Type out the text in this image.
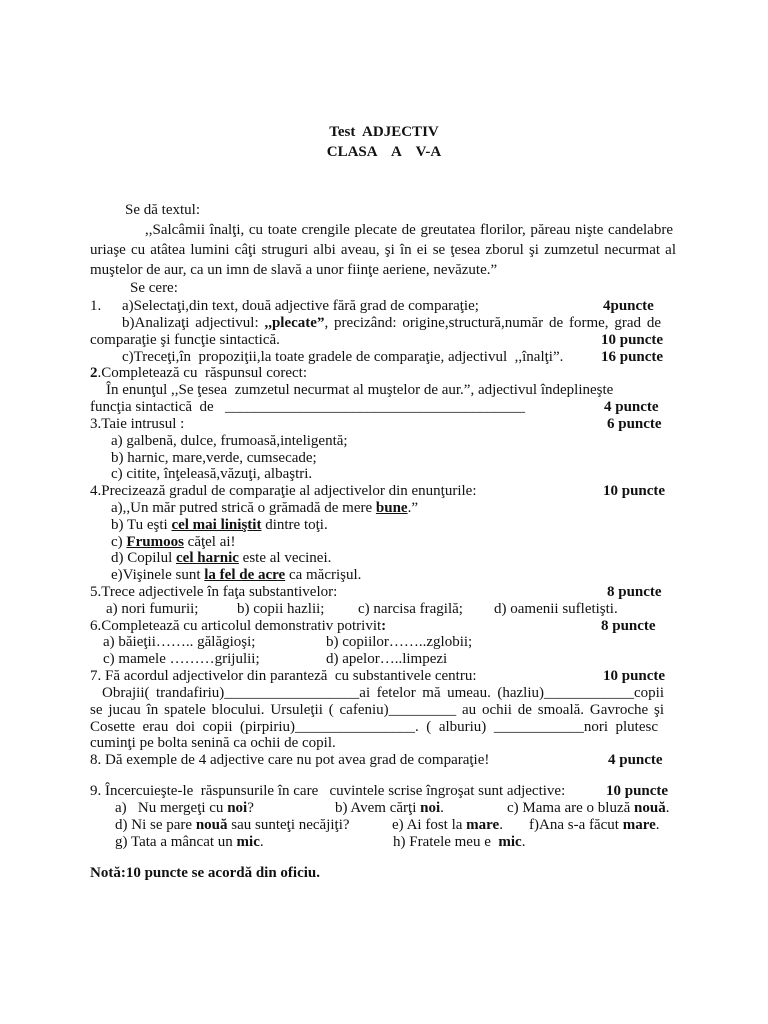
Test  ADJECTIV
CLASA    A    V-A
Se dă textul:
,,Salcâmii înalţi, cu toate crengile plecate de greutatea florilor, păreau nişte candelabre
uriaşe cu atâtea lumini câţi struguri albi aveau, şi în ei se ţesea zborul şi zumzetul necurmat al
muştelor de aur, ca un imn de slavă a unor fiinţe aeriene, nevăzute.”
Se cere:
1. a)Selectaţi,din text, două adjective fără grad de comparaţie;	4puncte
b)Analizaţi adjectivul: ,,plecate”, precizând: origine,structură,număr de forme, grad de
comparaţie şi funcţie sintactică.	10 puncte
c)Treceţi,în  propoziţii,la toate gradele de comparaţie, adjectivul  ,,înalţi”.	16 puncte
2.Completează cu  răspunsul corect:
În enunţul ,,Se ţesea  zumzetul necurmat al muştelor de aur.”, adjectivul îndeplineşte
funcţia sintactică  de   ________________________________________	4 puncte
3.Taie intrusul :	6 puncte
a) galbenă, dulce, frumoasă,inteligentă;
b) harnic, mare,verde, cumsecade;
c) citite, înţeleasă,văzuţi, albaştri.
4.Precizează gradul de comparaţie al adjectivelor din enunţurile:	10 puncte
a),,Un măr putred strică o grămadă de mere bune.”
b) Tu eşti cel mai liniştit dintre toţi.
c) Frumoos căţel ai!
d) Copilul cel harnic este al vecinei.
e)Vişinele sunt la fel de acre ca măcrişul.
5.Trece adjectivele în faţa substantivelor:	8 puncte
a) nori fumurii;	b) copii hazlii; c) narcisa fragilă; d) oamenii sufletişti.
6.Completează cu articolul demonstrativ potrivit:	8 puncte
a) băieţii…….. gălăgioşi;	b) copiilor……..zglobii;
c) mamele ………grijulii;	d) apelor…..limpezi
7. Fă acordul adjectivelor din paranteză  cu substantivele centru:	10 puncte
Obrajii( trandafiriu)__________________ai fetelor mă umeau. (hazliu)____________copii
se jucau în spatele blocului. Ursuleţii ( cafeniu)_________ au ochii de smoală. Gavroche şi
Cosette erau doi copii (pirpiriu)________________. ( alburiu) ____________nori plutesc
cuminţi pe bolta senină ca ochii de copil.
8. Dă exemple de 4 adjective care nu pot avea grad de comparaţie!	4 puncte
9. Încercuieşte-le  răspunsurile în care   cuvintele scrise îngroşat sunt adjective:	10 puncte
a)   Nu mergeţi cu noi?	b) Avem cărţi noi.	c) Mama are o bluză nouă.
d) Ni se pare nouă sau sunteţi necăjiţi?	e) Ai fost la mare. f)Ana s-a făcut mare.
g) Tata a mâncat un mic.	h) Fratele meu e  mic.
Notă:10 puncte se acordă din oficiu.
